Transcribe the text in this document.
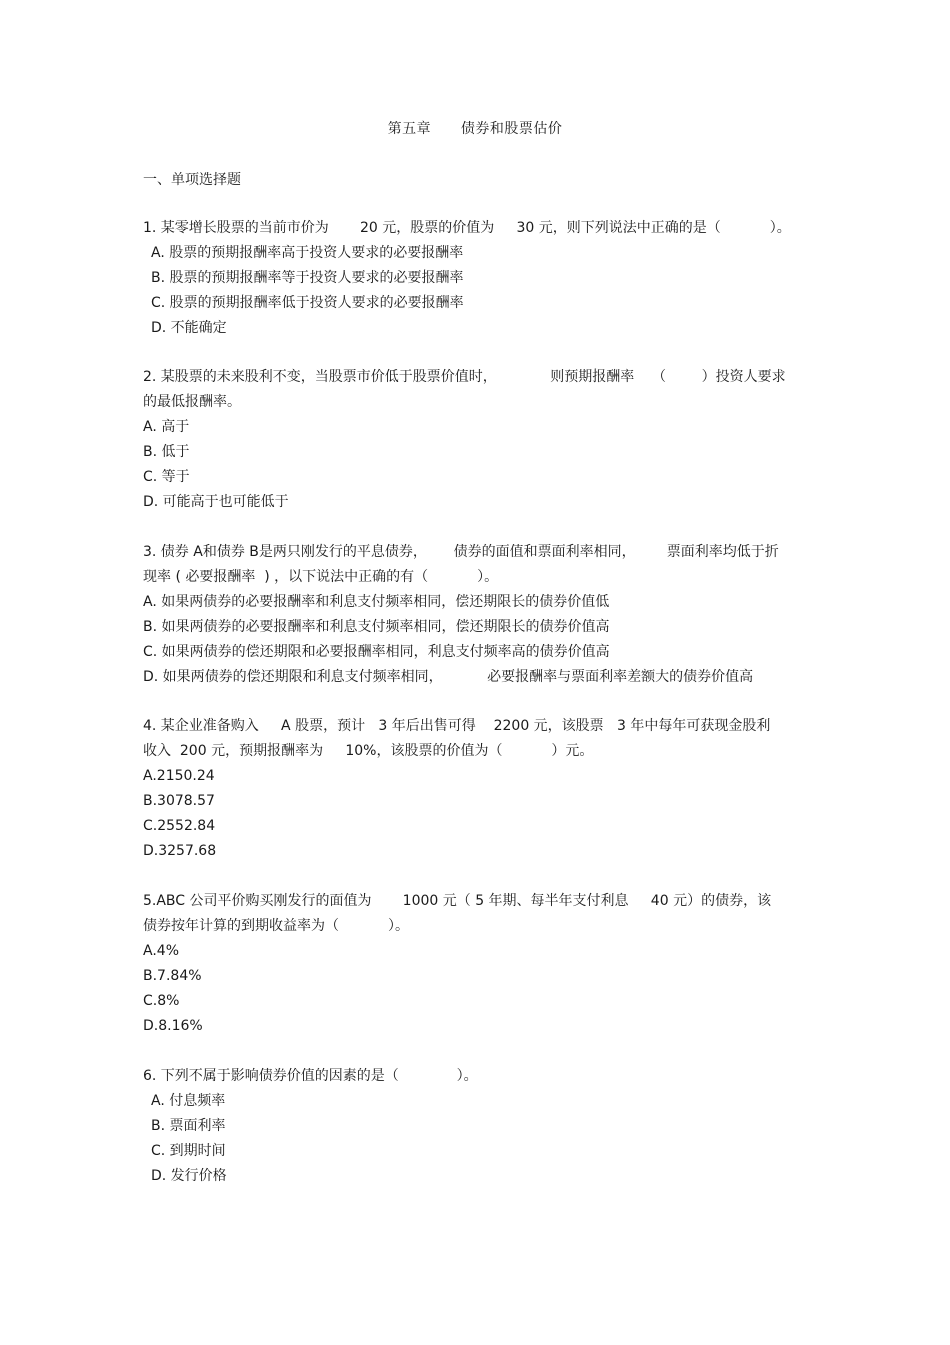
第五章      债券和股票估价
一、单项选择题
1. 某零增长股票的当前市价为       20 元，股票的价值为     30 元，则下列说法中正确的是（           ）。
A. 股票的预期报酬率高于投资人要求的必要报酬率
B. 股票的预期报酬率等于投资人要求的必要报酬率
C. 股票的预期报酬率低于投资人要求的必要报酬率
D. 不能确定
2. 某股票的未来股利不变，当股票市价低于股票价值时，            则预期报酬率    （        ）投资人要求
的最低报酬率。
A. 高于
B. 低于
C. 等于
D. 可能高于也可能低于
3. 债券 A和债券 B是两只刚发行的平息债券，      债券的面值和票面利率相同，       票面利率均低于折
现率 ( 必要报酬率  ) ，以下说法中正确的有（           ）。
A. 如果两债券的必要报酬率和利息支付频率相同，偿还期限长的债券价值低
B. 如果两债券的必要报酬率和利息支付频率相同，偿还期限长的债券价值高
C. 如果两债券的偿还期限和必要报酬率相同，利息支付频率高的债券价值高
D. 如果两债券的偿还期限和利息支付频率相同，          必要报酬率与票面利率差额大的债券价值高
4. 某企业准备购入     A 股票，预计   3 年后出售可得    2200 元，该股票   3 年中每年可获现金股利
收入  200 元，预期报酬率为     10%，该股票的价值为（           ）元。
A.2150.24
B.3078.57
C.2552.84
D.3257.68
5.ABC 公司平价购买刚发行的面值为       1000 元（ 5 年期、每半年支付利息     40 元）的债券，该
债券按年计算的到期收益率为（           ）。
A.4%
B.7.84%
C.8%
D.8.16%
6. 下列不属于影响债券价值的因素的是（             ）。
A. 付息频率
B. 票面利率
C. 到期时间
D. 发行价格
